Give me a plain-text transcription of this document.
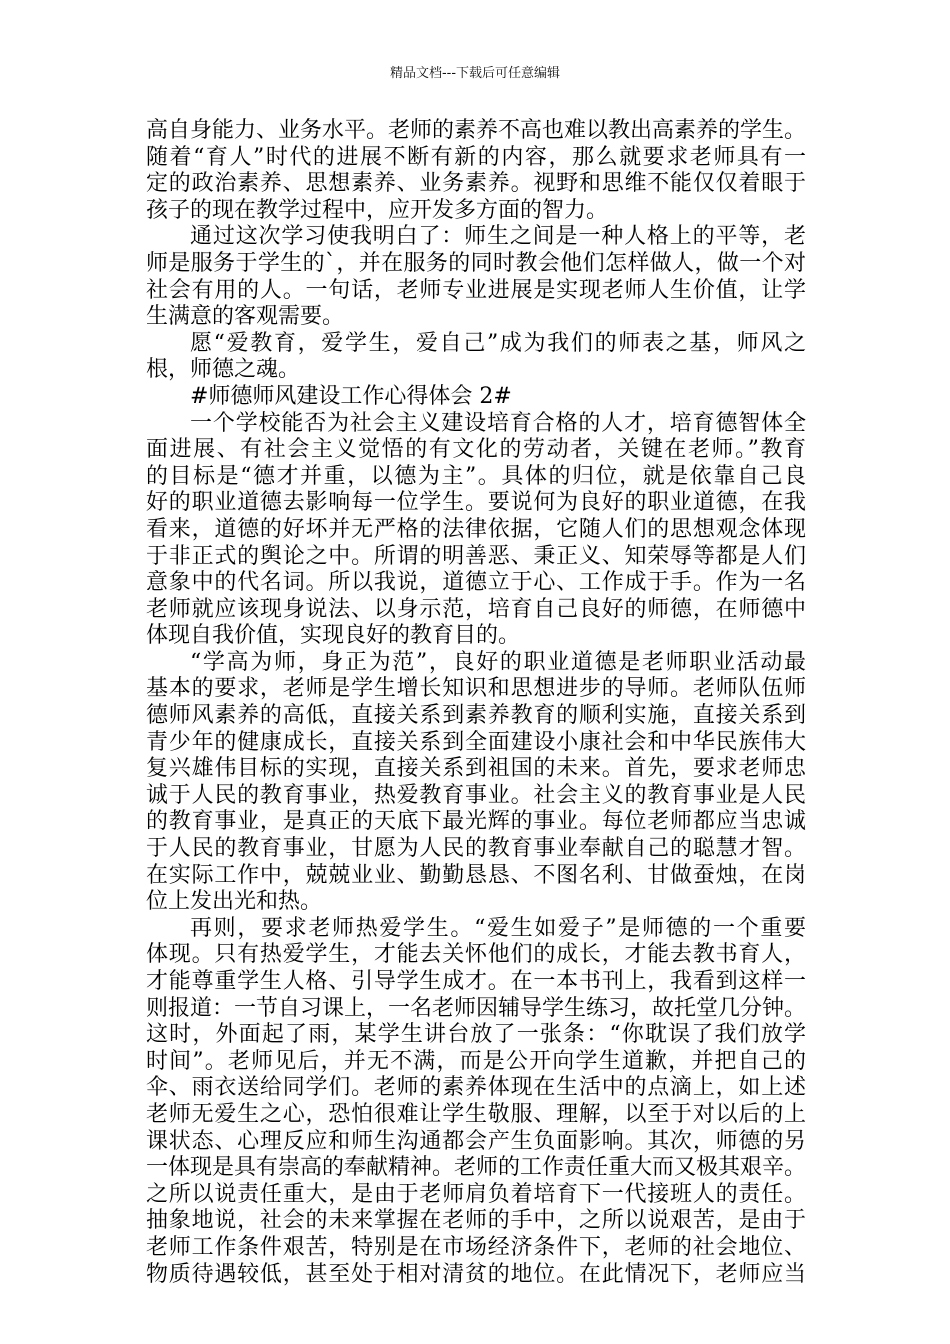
精品文档---下载后可任意编辑
高自身能力、业务水平。老师的素养不高也难以教出高素养的学生。
随着“育人”时代的进展不断有新的内容，那么就要求老师具有一
定的政治素养、思想素养、业务素养。视野和思维不能仅仅着眼于
孩子的现在教学过程中，应开发多方面的智力。
通过这次学习使我明白了：师生之间是一种人格上的平等，老
师是服务于学生的`，并在服务的同时教会他们怎样做人，做一个对
社会有用的人。一句话，老师专业进展是实现老师人生价值，让学
生满意的客观需要。
愿“爱教育，爱学生，爱自己”成为我们的师表之基，师风之
根，师德之魂。
#师德师风建设工作心得体会 2#
一个学校能否为社会主义建设培育合格的人才，培育德智体全
面进展、有社会主义觉悟的有文化的劳动者，关键在老师。”教育
的目标是“德才并重，以德为主”。具体的归位，就是依靠自己良
好的职业道德去影响每一位学生。要说何为良好的职业道德，在我
看来，道德的好坏并无严格的法律依据，它随人们的思想观念体现
于非正式的舆论之中。所谓的明善恶、秉正义、知荣辱等都是人们
意象中的代名词。所以我说，道德立于心、工作成于手。作为一名
老师就应该现身说法、以身示范，培育自己良好的师德，在师德中
体现自我价值，实现良好的教育目的。
“学高为师，身正为范”，良好的职业道德是老师职业活动最
基本的要求，老师是学生增长知识和思想进步的导师。老师队伍师
德师风素养的高低，直接关系到素养教育的顺利实施，直接关系到
青少年的健康成长，直接关系到全面建设小康社会和中华民族伟大
复兴雄伟目标的实现，直接关系到祖国的未来。首先，要求老师忠
诚于人民的教育事业，热爱教育事业。社会主义的教育事业是人民
的教育事业，是真正的天底下最光辉的事业。每位老师都应当忠诚
于人民的教育事业，甘愿为人民的教育事业奉献自己的聪慧才智。
在实际工作中，兢兢业业、勤勤恳恳、不图名利、甘做蚕烛，在岗
位上发出光和热。
再则，要求老师热爱学生。“爱生如爱子”是师德的一个重要
体现。只有热爱学生，才能去关怀他们的成长，才能去教书育人，
才能尊重学生人格、引导学生成才。在一本书刊上，我看到这样一
则报道：一节自习课上，一名老师因辅导学生练习，故托堂几分钟。
这时，外面起了雨，某学生讲台放了一张条：“你耽误了我们放学
时间”。老师见后，并无不满，而是公开向学生道歉，并把自己的
伞、雨衣送给同学们。老师的素养体现在生活中的点滴上，如上述
老师无爱生之心，恐怕很难让学生敬服、理解，以至于对以后的上
课状态、心理反应和师生沟通都会产生负面影响。其次，师德的另
一体现是具有崇高的奉献精神。老师的工作责任重大而又极其艰辛。
之所以说责任重大，是由于老师肩负着培育下一代接班人的责任。
抽象地说，社会的未来掌握在老师的手中，之所以说艰苦，是由于
老师工作条件艰苦，特别是在市场经济条件下，老师的社会地位、
物质待遇较低，甚至处于相对清贫的地位。在此情况下，老师应当
